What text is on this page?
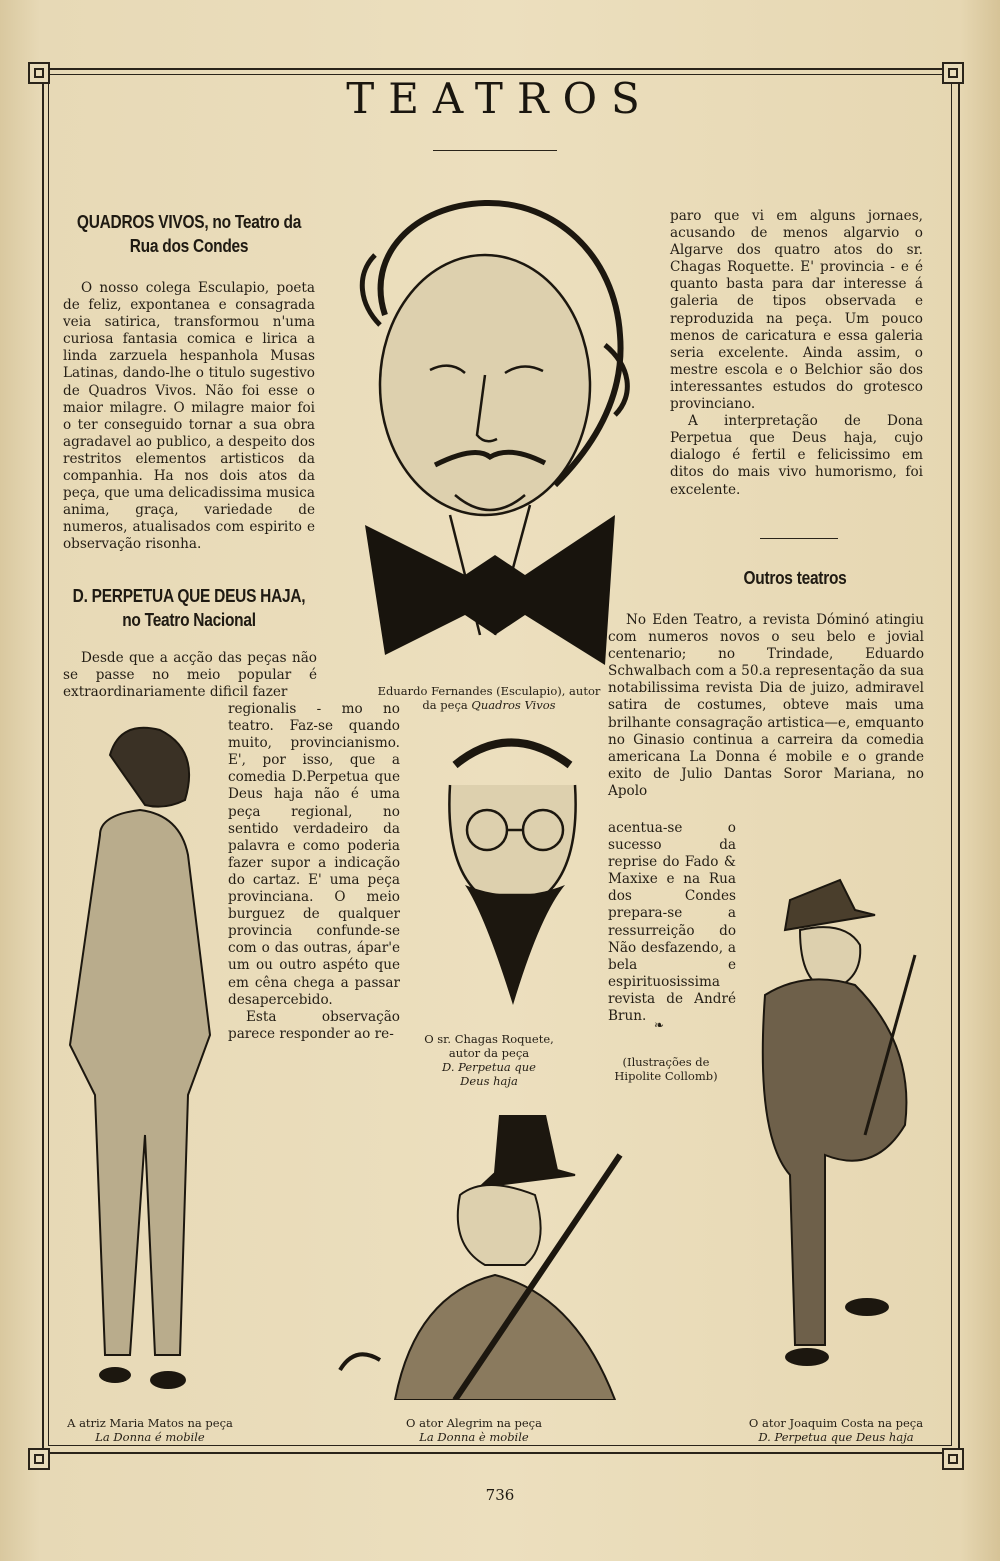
TEATROS
QUADROS VIVOS, no Teatro da
Rua dos Condes

O nosso colega Esculapio, poeta de feliz, expontanea e consagrada veia satirica, transformou n'uma curiosa fantasia comica e lirica a linda zarzuela hespanhola Musas Latinas, dando-lhe o titulo sugestivo de Quadros Vivos. Não foi esse o maior milagre. O milagre maior foi o ter conseguido tornar a sua obra agradavel ao publico, a despeito dos restritos elementos artisticos da companhia. Ha nos dois atos da peça, que uma delicadissima musica anima, graça, variedade de numeros, atualisados com espirito e observação risonha.

D. PERPETUA QUE DEUS HAJA,
no Teatro Nacional

Desde que a acção das peças não se passe no meio popular é extraordinariamente dificil fazer

regionalis - mo no teatro. Faz-se quando muito, provincianismo. E', por isso, que a comedia D.Perpetua que Deus haja não é uma peça regional, no sentido verdadeiro da palavra e como poderia fazer supor a indicação do cartaz. E' uma peça provinciana. O meio burguez de qualquer provincia confunde-se com o das outras, ápar'e um ou outro aspéto que em cêna chega a passar desapercebido.

Esta observação parece responder ao re-

paro que vi em alguns jornaes, acusando de menos algarvio o Algarve dos quatro atos do sr. Chagas Roquette. E' provincia - e é quanto basta para dar interesse á galeria de tipos observada e reproduzida na peça. Um pouco menos de caricatura e essa galeria seria excelente. Ainda assim, o mestre escola e o Belchior são dos interessantes estudos do grotesco provinciano.

A interpretação de Dona Perpetua que Deus haja, cujo dialogo é fertil e felicissimo em ditos do mais vivo humorismo, foi excelente.

Outros teatros

No Eden Teatro, a revista Dóminó atingiu com numeros novos o seu belo e jovial centenario; no Trindade, Eduardo Schwalbach com a 50.a representação da sua notabilissima revista Dia de juizo, admiravel satira de costumes, obteve mais uma brilhante consagração artistica—e, emquanto no Ginasio continua a carreira da comedia americana La Donna é mobile e o grande exito de Julio Dantas Soror Mariana, no Apolo

acentua-se o sucesso da reprise do Fado & Maxixe e na Rua dos Condes prepara-se a ressurreição do Não desfazendo, a bela e espirituosissima revista de André Brun.

❧
(Ilustrações de Hipolite Collomb)
Eduardo Fernandes (Esculapio), autor
da peça Quadros Vivos
O sr. Chagas Roquete,
autor da peça

D. Perpetua que
Deus haja
A atriz Maria Matos na peça

La Donna é mobile
O ator Alegrim na peça

La Donna è mobile
O ator Joaquim Costa na peça

D. Perpetua que Deus haja
736
